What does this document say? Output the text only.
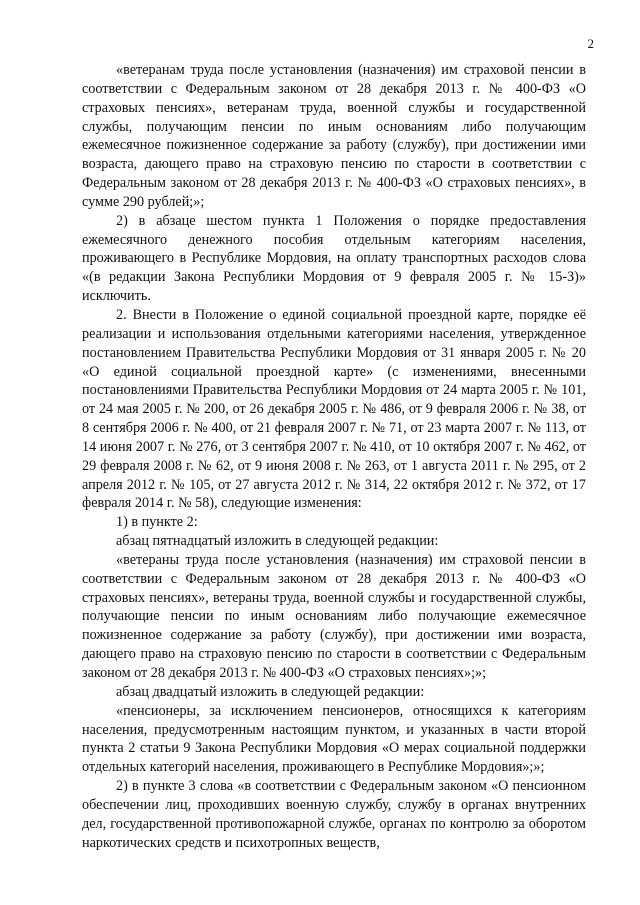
2

«ветеранам труда после установления (назначения) им страховой пенсии в соответствии с Федеральным законом от 28 декабря 2013 г. № 400-ФЗ «О страховых пенсиях», ветеранам труда, военной службы и государственной службы, получающим пенсии по иным основаниям либо получающим ежемесячное пожизненное содержание за работу (службу), при достижении ими возраста, дающего право на страховую пенсию по старости в соответствии с Федеральным законом от 28 декабря 2013 г. № 400-ФЗ «О страховых пенсиях», в сумме 290 рублей;»;

2) в абзаце шестом пункта 1 Положения о порядке предоставления ежемесячного денежного пособия отдельным категориям населения, проживающего в Республике Мордовия, на оплату транспортных расходов слова «(в редакции Закона Республики Мордовия от 9 февраля 2005 г. № 15-З)» исключить.

2. Внести в Положение о единой социальной проездной карте, порядке её реализации и использования отдельными категориями населения, утвержденное постановлением Правительства Республики Мордовия от 31 января 2005 г. № 20 «О единой социальной проездной карте» (с изменениями, внесенными постановлениями Правительства Республики Мордовия от 24 марта 2005 г. № 101, от 24 мая 2005 г. № 200, от 26 декабря 2005 г. № 486, от 9 февраля 2006 г. № 38, от 8 сентября 2006 г. № 400, от 21 февраля 2007 г. № 71, от 23 марта 2007 г. № 113, от 14 июня 2007 г. № 276, от 3 сентября 2007 г. № 410, от 10 октября 2007 г. № 462, от 29 февраля 2008 г. № 62, от 9 июня 2008 г. № 263, от 1 августа 2011 г. № 295, от 2 апреля 2012 г. № 105, от 27 августа 2012 г. № 314, 22 октября 2012 г. № 372, от 17 февраля 2014 г. № 58), следующие изменения:

1) в пункте 2:

абзац пятнадцатый изложить в следующей редакции:

«ветераны труда после установления (назначения) им страховой пенсии в соответствии с Федеральным законом от 28 декабря 2013 г. № 400-ФЗ «О страховых пенсиях», ветераны труда, военной службы и государственной службы, получающие пенсии по иным основаниям либо получающие ежемесячное пожизненное содержание за работу (службу), при достижении ими возраста, дающего право на страховую пенсию по старости в соответствии с Федеральным законом от 28 декабря 2013 г. № 400-ФЗ «О страховых пенсиях»;»;

абзац двадцатый изложить в следующей редакции:

«пенсионеры, за исключением пенсионеров, относящихся к категориям населения, предусмотренным настоящим пунктом, и указанных в части второй пункта 2 статьи 9 Закона Республики Мордовия «О мерах социальной поддержки отдельных категорий населения, проживающего в Республике Мордовия»;»;

2) в пункте 3 слова «в соответствии с Федеральным законом «О пенсионном обеспечении лиц, проходивших военную службу, службу в органах внутренних дел, государственной противопожарной службе, органах по контролю за оборотом наркотических средств и психотропных веществ,
